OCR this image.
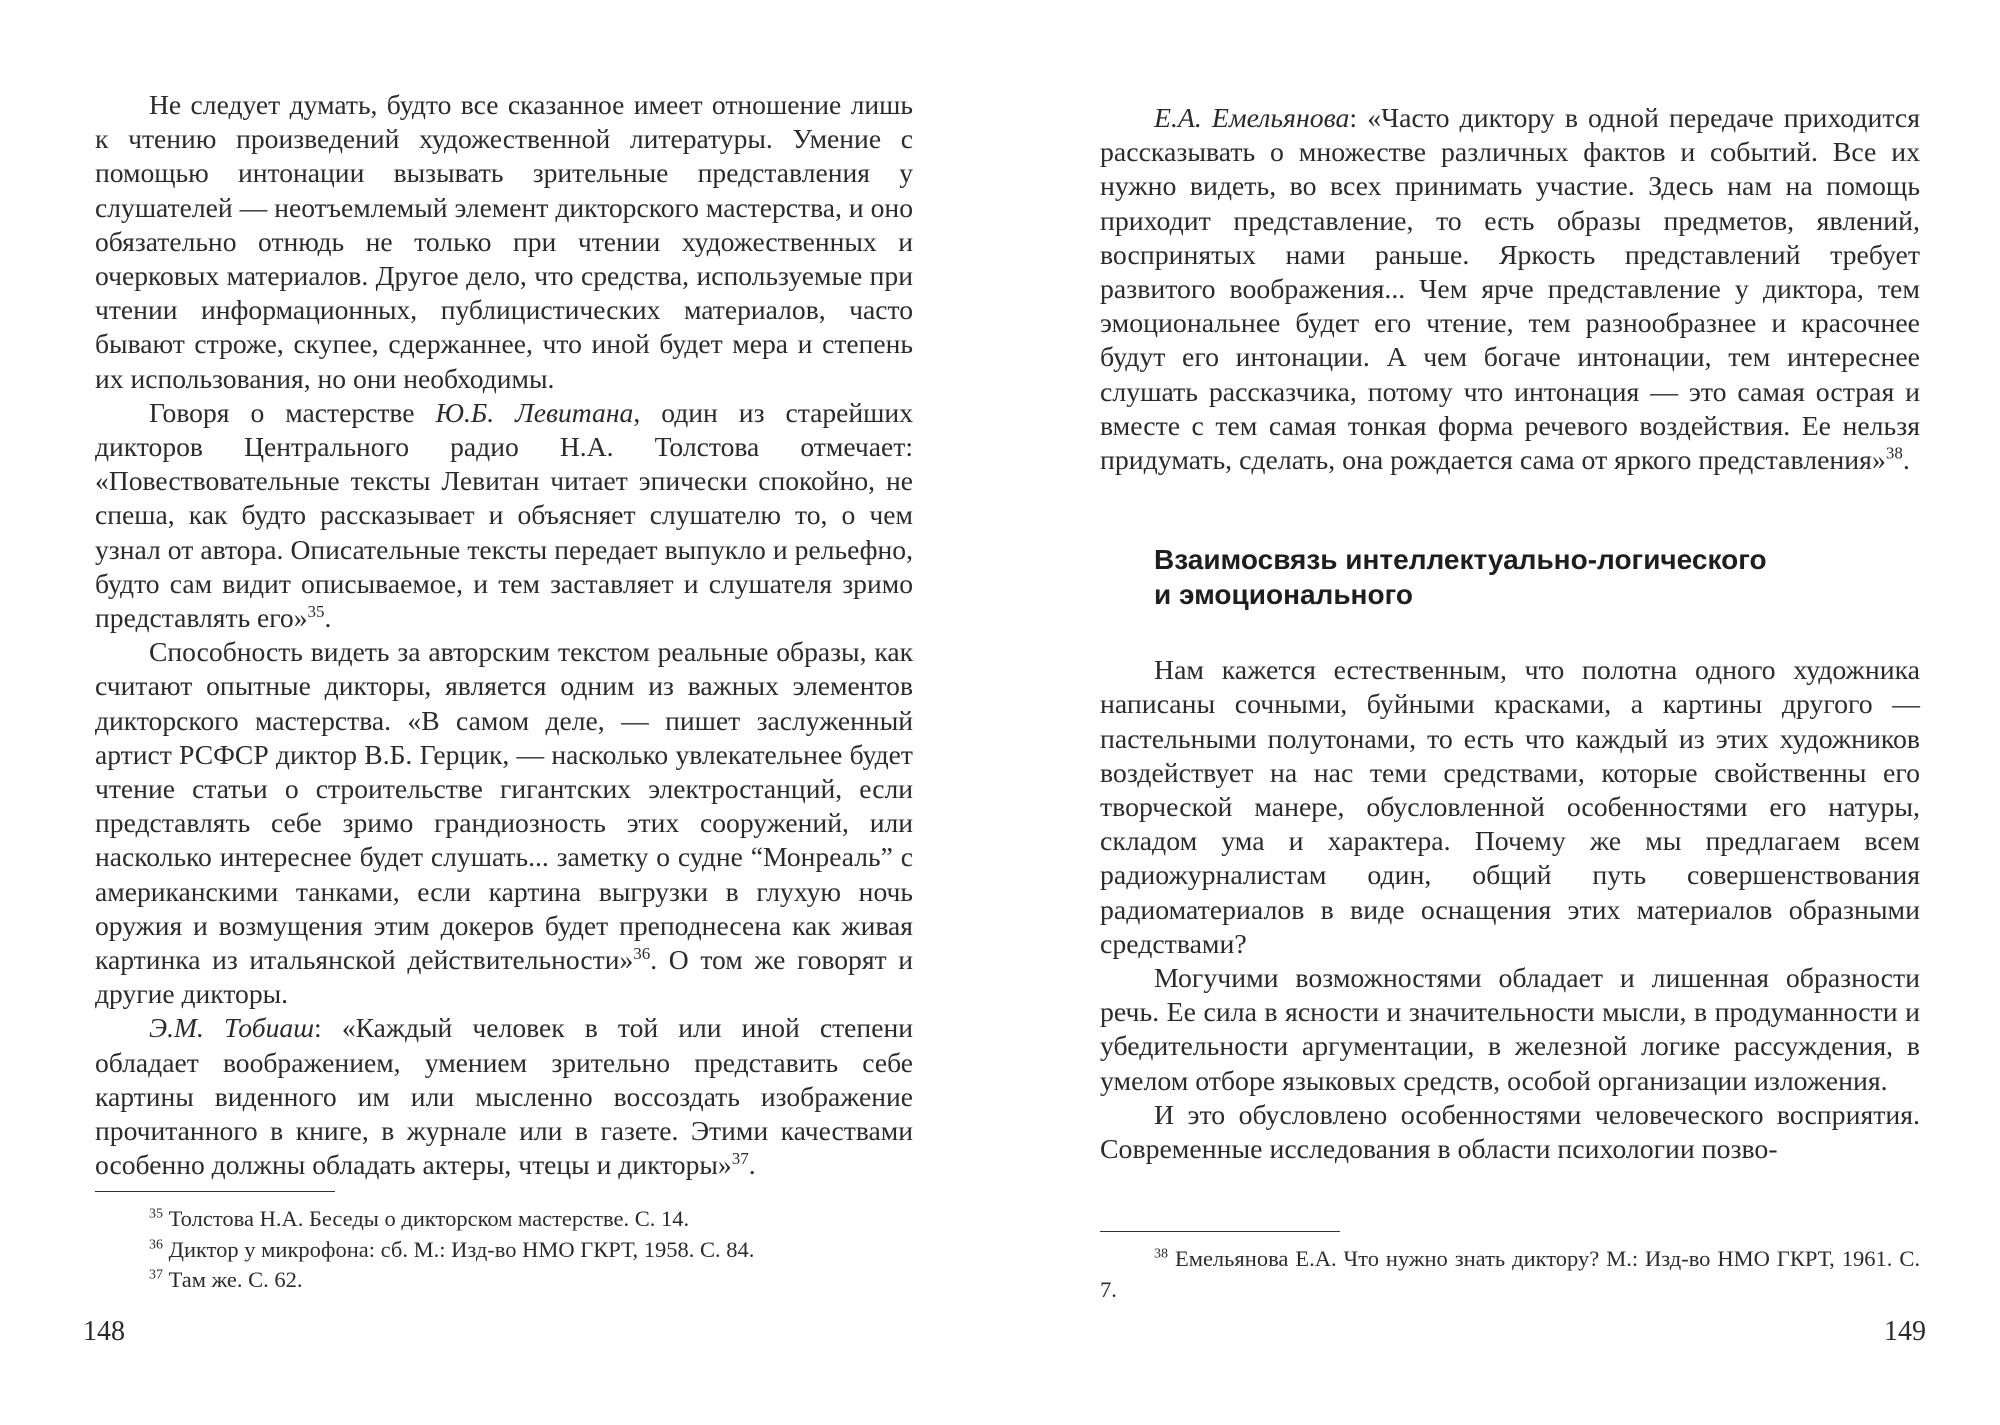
Не следует думать, будто все сказанное имеет отношение лишь к чтению произведений художественной литературы. Умение с помощью интонации вызывать зрительные представления у слушателей — неотъемлемый элемент дикторского мастерства, и оно обязательно отнюдь не только при чтении художественных и очерковых материалов. Другое дело, что средства, используемые при чтении информационных, публицистических материалов, часто бывают строже, скупее, сдержаннее, что иной будет мера и степень их использования, но они необходимы.

Говоря о мастерстве Ю.Б. Левитана, один из старейших дикторов Центрального радио Н.А. Толстова отмечает: «Повествовательные тексты Левитан читает эпически спокойно, не спеша, как будто рассказывает и объясняет слушателю то, о чем узнал от автора. Описательные тексты передает выпукло и рельефно, будто сам видит описываемое, и тем заставляет и слушателя зримо представлять его»$^{35}$.

Способность видеть за авторским текстом реальные образы, как считают опытные дикторы, является одним из важных элементов дикторского мастерства. «В самом деле, — пишет заслуженный артист РСФСР диктор В.Б. Герцик, — насколько увлекательнее будет чтение статьи о строительстве гигантских электростанций, если представлять себе зримо грандиозность этих сооружений, или насколько интереснее будет слушать... заметку о судне “Монреаль” с американскими танками, если картина выгрузки в глухую ночь оружия и возмущения этим докеров будет преподнесена как живая картинка из итальянской действительности»$^{36}$. О том же говорят и другие дикторы.

Э.М. Тобиаш: «Каждый человек в той или иной степени обладает воображением, умением зрительно представить себе картины виденного им или мысленно воссоздать изображение прочитанного в книге, в журнале или в газете. Этими качествами особенно должны обладать актеры, чтецы и дикторы»$^{37}$.

$^{35}$ Толстова Н.А. Беседы о дикторском мастерстве. С. 14.

$^{36}$ Диктор у микрофона: сб. М.: Изд-во НМО ГКРТ, 1958. С. 84.

$^{37}$ Там же. С. 62.

148

Е.А. Емельянова: «Часто диктору в одной передаче приходится рассказывать о множестве различных фактов и событий. Все их нужно видеть, во всех принимать участие. Здесь нам на помощь приходит представление, то есть образы предметов, явлений, воспринятых нами раньше. Яркость представлений требует развитого воображения... Чем ярче представление у диктора, тем эмоциональнее будет его чтение, тем разнообразнее и красочнее будут его интонации. А чем богаче интонации, тем интереснее слушать рассказчика, потому что интонация — это самая острая и вместе с тем самая тонкая форма речевого воздействия. Ее нельзя придумать, сделать, она рождается сама от яркого представления»$^{38}$.

Взаимосвязь интеллектуально-логического
и эмоционального

Нам кажется естественным, что полотна одного художника написаны сочными, буйными красками, а картины другого — пастельными полутонами, то есть что каждый из этих художников воздействует на нас теми средствами, которые свойственны его творческой манере, обусловленной особенностями его натуры, складом ума и характера. Почему же мы предлагаем всем радиожурналистам один, общий путь совершенствования радиоматериалов в виде оснащения этих материалов образными средствами?

Могучими возможностями обладает и лишенная образности речь. Ее сила в ясности и значительности мысли, в продуманности и убедительности аргументации, в железной логике рассуждения, в умелом отборе языковых средств, особой организации изложения.

И это обусловлено особенностями человеческого восприятия. Современные исследования в области психологии позво-

$^{38}$ Емельянова Е.А. Что нужно знать диктору? М.: Изд-во НМО ГКРТ, 1961. С. 7.

149
